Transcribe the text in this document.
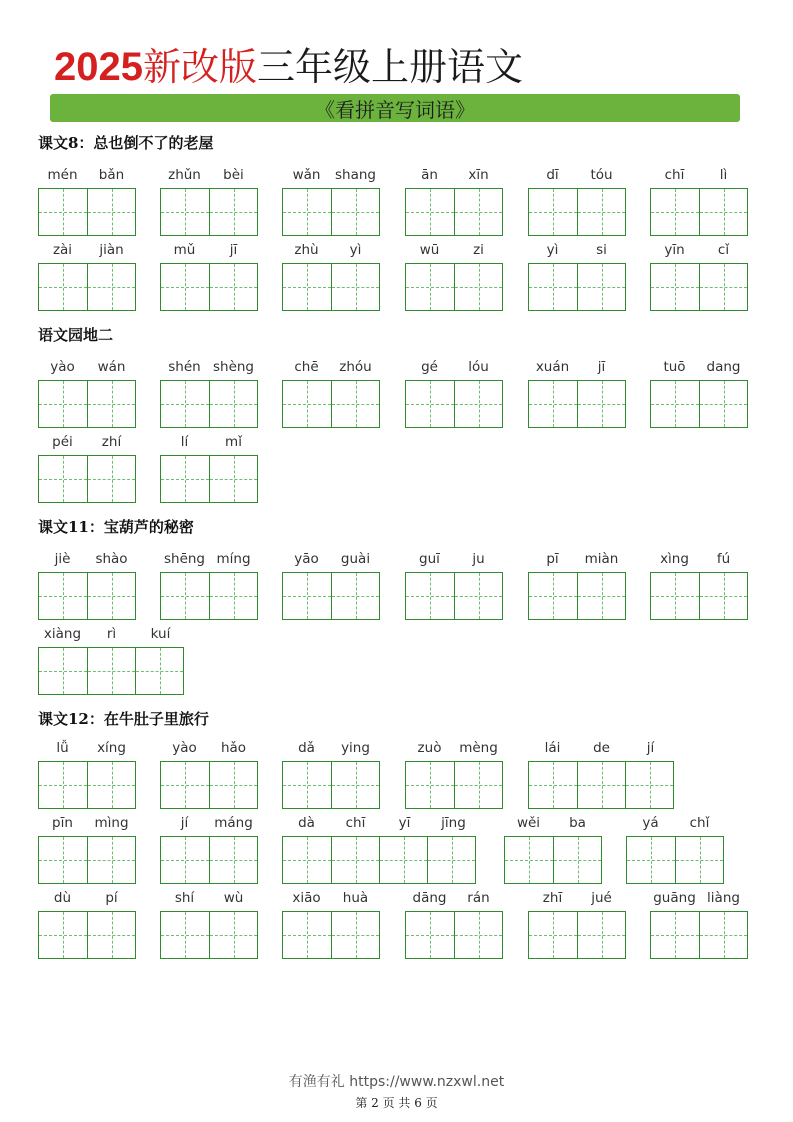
2025 新改版 三年级上册语文
《看拼音写词语》
课文8：总也倒不了的老屋
mén	bǎn	zhǔn	bèi	wǎn	shang	ān	xīn	dī	tóu	chī	lì
zài	jiàn	mǔ	jī	zhù	yì	wū	zi	yì	si	yīn	cǐ
语文园地二
yào	wán	shén shèng	chē	zhóu	gé	lóu	xuán	jī	tuō	dang
péi	zhí	lí	mǐ
课文11：宝葫芦的秘密
jiè	shào	shēng míng	yāo	guài	guī	ju	pī	miàn	xìng	fú
xiàng	rì	kuí
课文12：在牛肚子里旅行
lǚ	xíng	yào	hǎo	dǎ	ying	zuò	mèng	lái	de	jí
pīn	mìng	jí	máng	dà	chī	yī	jīng	wěi	ba	yá	chǐ
dù	pí	shí	wù	xiāo	huà	dāng	rán	zhī	jué	guāng liàng
有渔有礼 https://www.nzxwl.net
第 2 页 共 6 页
